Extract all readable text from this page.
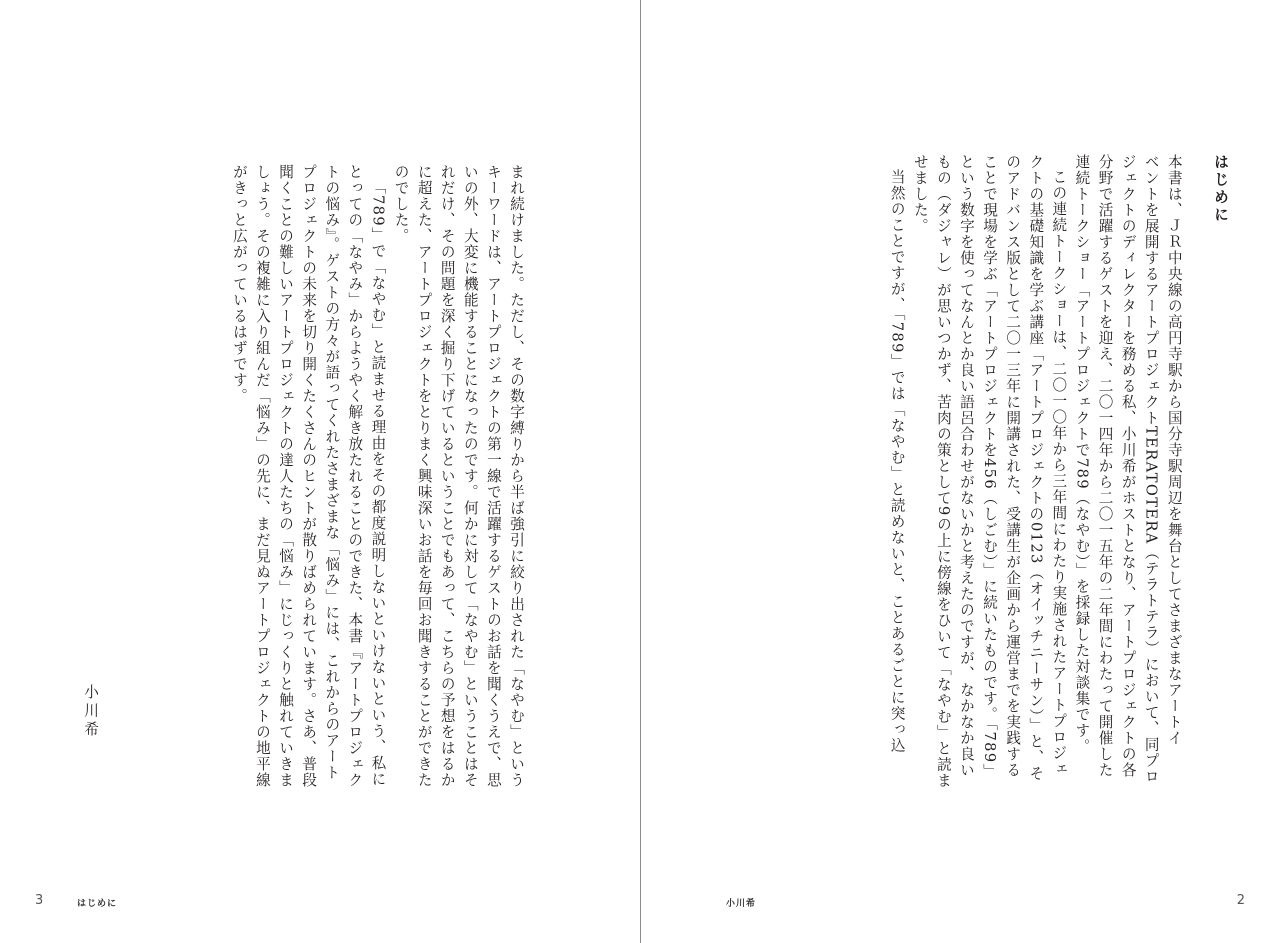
まれ続けました。ただし、その数字縛りから半ば強引に絞り出された「なやむ」という
キーワードは、アートプロジェクトの第一線で活躍するゲストのお話を聞くうえで、思
いの外、大変に機能することになったのです。何かに対して「なやむ」ということはそ
れだけ、その問題を深く掘り下げているということでもあって、こちらの予想をはるか
に超えた、アートプロジェクトをとりまく興味深いお話を毎回お聞きすることができた
のでした。
「789」で「なやむ」と読ませる理由をその都度説明しないといけないという、私に
とっての「なやみ」からようやく解き放たれることのできた、本書『アートプロジェク
トの悩み』。ゲストの方々が語ってくれたさまざまな「悩み」には、これからのアート
プロジェクトの未来を切り開くたくさんのヒントが散りばめられています。さあ、普段
聞くことの難しいアートプロジェクトの達人たちの「悩み」にじっくりと触れていきま
しょう。その複雑に入り組んだ「悩み」の先に、まだ見ぬアートプロジェクトの地平線
がきっと広がっているはずです。
小川希
3	はじめに
はじめに

本書は、ＪＲ中央線の高円寺駅から国分寺駅周辺を舞台としてさまざまなアートイ
ベントを展開するアートプロジェクトTERATOTERA（テラトテラ）において、同プロ
ジェクトのディレクターを務める私、小川希がホストとなり、アートプロジェクトの各
分野で活躍するゲストを迎え、二〇一四年から二〇一五年の二年間にわたって開催した
連続トークショー「アートプロジェクトで789（なやむ）」を採録した対談集です。
この連続トークショーは、二〇一〇年から三年間にわたり実施されたアートプロジェ
クトの基礎知識を学ぶ講座「アートプロジェクトの0123（オイッチニーサン）」と、そ
のアドバンス版として二〇一三年に開講された、受講生が企画から運営までを実践する
ことで現場を学ぶ「アートプロジェクトを456（しごむ）」に続いたものです。「789」
という数字を使ってなんとか良い語呂合わせがないかと考えたのですが、なかなか良い
もの（ダジャレ）が思いつかず、苦肉の策として9の上に傍線をひいて「なやむ」と読ま
せました。
当然のことですが、「789」では「なやむ」と読めないと、ことあるごとに突っ込
小川希	2
